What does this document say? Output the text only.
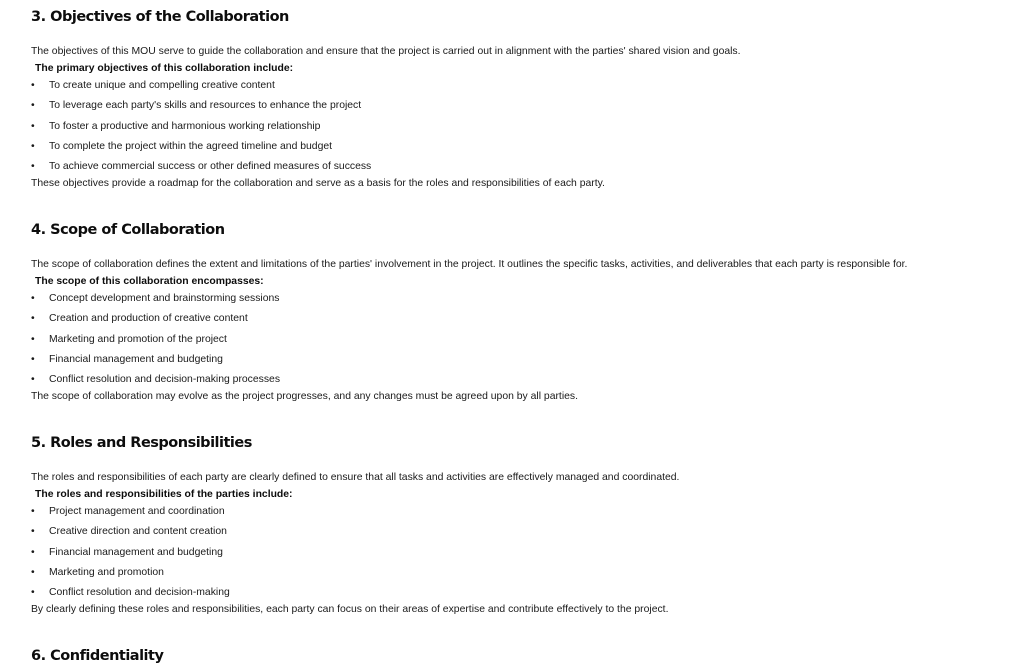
3. Objectives of the Collaboration

The objectives of this MOU serve to guide the collaboration and ensure that the project is carried out in alignment with the parties' shared vision and goals.

The primary objectives of this collaboration include:

• To create unique and compelling creative content
• To leverage each party's skills and resources to enhance the project
• To foster a productive and harmonious working relationship
• To complete the project within the agreed timeline and budget
• To achieve commercial success or other defined measures of success

These objectives provide a roadmap for the collaboration and serve as a basis for the roles and responsibilities of each party.

4. Scope of Collaboration

The scope of collaboration defines the extent and limitations of the parties' involvement in the project. It outlines the specific tasks, activities, and deliverables that each party is responsible for.

The scope of this collaboration encompasses:

• Concept development and brainstorming sessions
• Creation and production of creative content
• Marketing and promotion of the project
• Financial management and budgeting
• Conflict resolution and decision-making processes

The scope of collaboration may evolve as the project progresses, and any changes must be agreed upon by all parties.

5. Roles and Responsibilities

The roles and responsibilities of each party are clearly defined to ensure that all tasks and activities are effectively managed and coordinated.

The roles and responsibilities of the parties include:

• Project management and coordination
• Creative direction and content creation
• Financial management and budgeting
• Marketing and promotion
• Conflict resolution and decision-making

By clearly defining these roles and responsibilities, each party can focus on their areas of expertise and contribute effectively to the project.

6. Confidentiality
